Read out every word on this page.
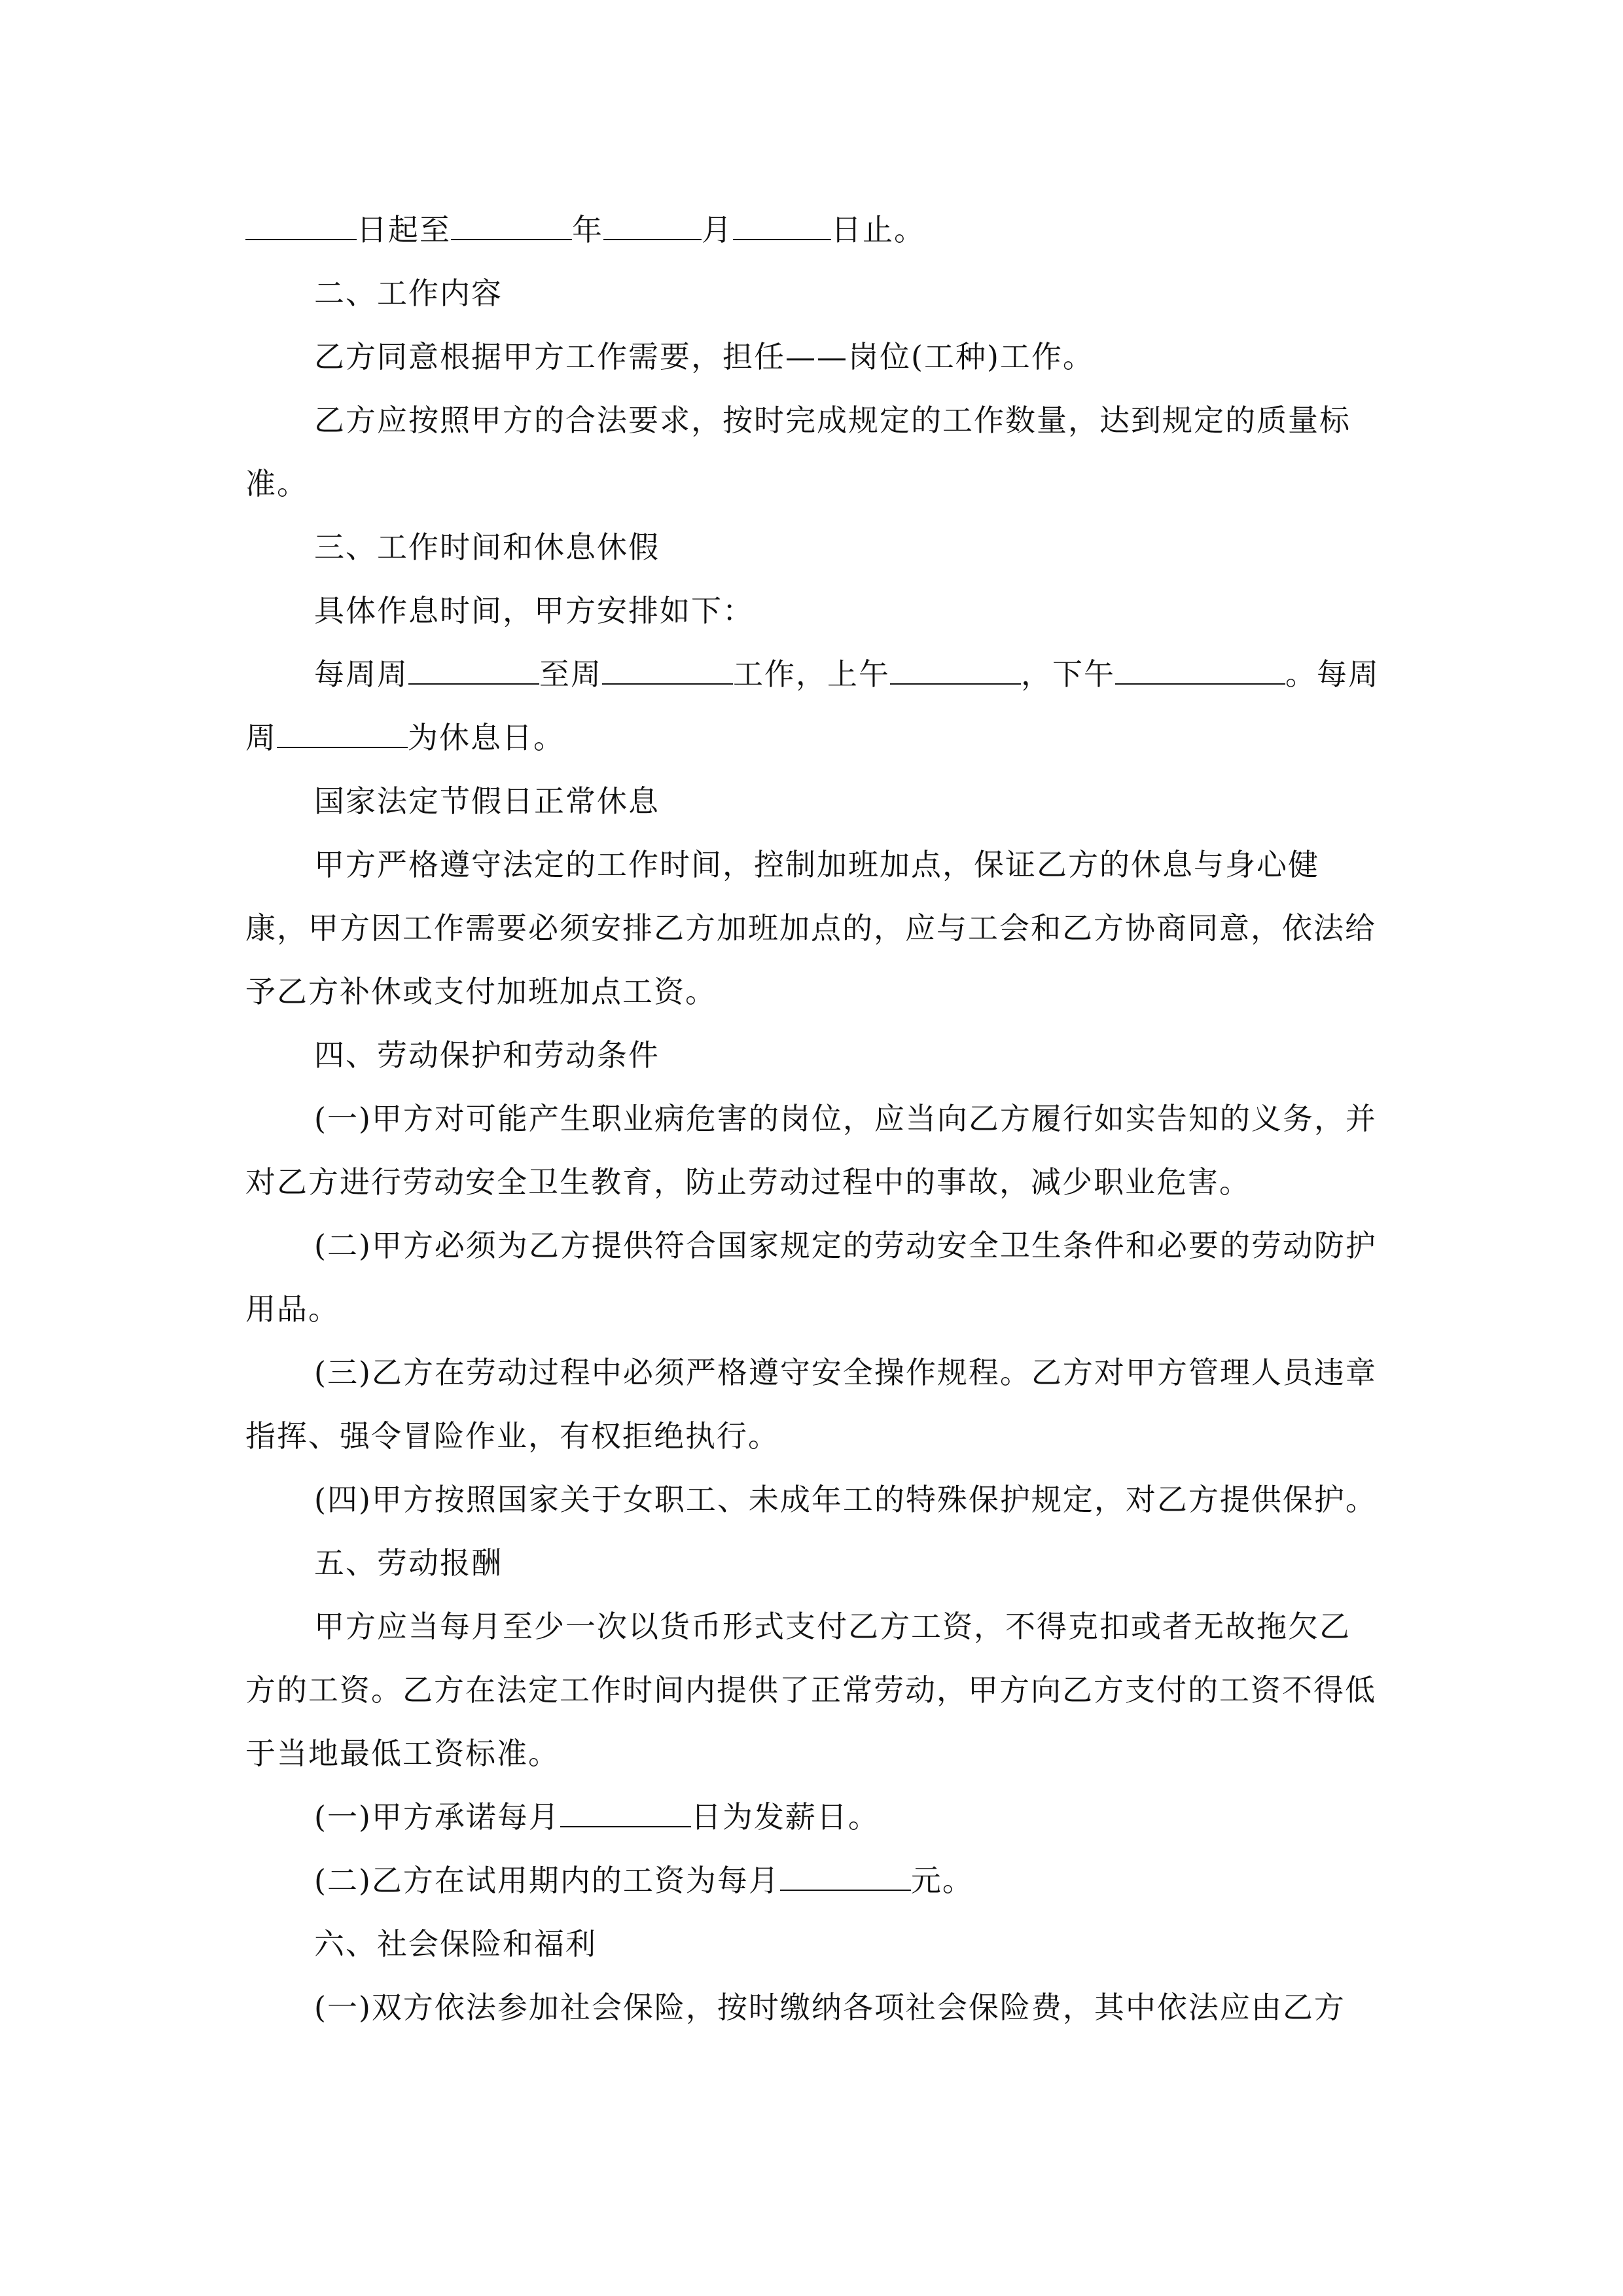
日起至	年	月	日止。

二、工作内容

乙方同意根据甲方工作需要，担任——岗位(工种)工作。

乙方应按照甲方的合法要求，按时完成规定的工作数量，达到规定的质量标准。

三、工作时间和休息休假

具体作息时间，甲方安排如下：

每周周	至周	工作，上午	，下午	。每周周	为休息日。

国家法定节假日正常休息

甲方严格遵守法定的工作时间，控制加班加点，保证乙方的休息与身心健康，甲方因工作需要必须安排乙方加班加点的，应与工会和乙方协商同意，依法给予乙方补休或支付加班加点工资。

四、劳动保护和劳动条件

(一)甲方对可能产生职业病危害的岗位，应当向乙方履行如实告知的义务，并对乙方进行劳动安全卫生教育，防止劳动过程中的事故，减少职业危害。

(二)甲方必须为乙方提供符合国家规定的劳动安全卫生条件和必要的劳动防护用品。

(三)乙方在劳动过程中必须严格遵守安全操作规程。乙方对甲方管理人员违章指挥、强令冒险作业，有权拒绝执行。

(四)甲方按照国家关于女职工、未成年工的特殊保护规定，对乙方提供保护。

五、劳动报酬

甲方应当每月至少一次以货币形式支付乙方工资，不得克扣或者无故拖欠乙方的工资。乙方在法定工作时间内提供了正常劳动，甲方向乙方支付的工资不得低于当地最低工资标准。

(一)甲方承诺每月	日为发薪日。

(二)乙方在试用期内的工资为每月	元。

六、社会保险和福利

(一)双方依法参加社会保险，按时缴纳各项社会保险费，其中依法应由乙方
